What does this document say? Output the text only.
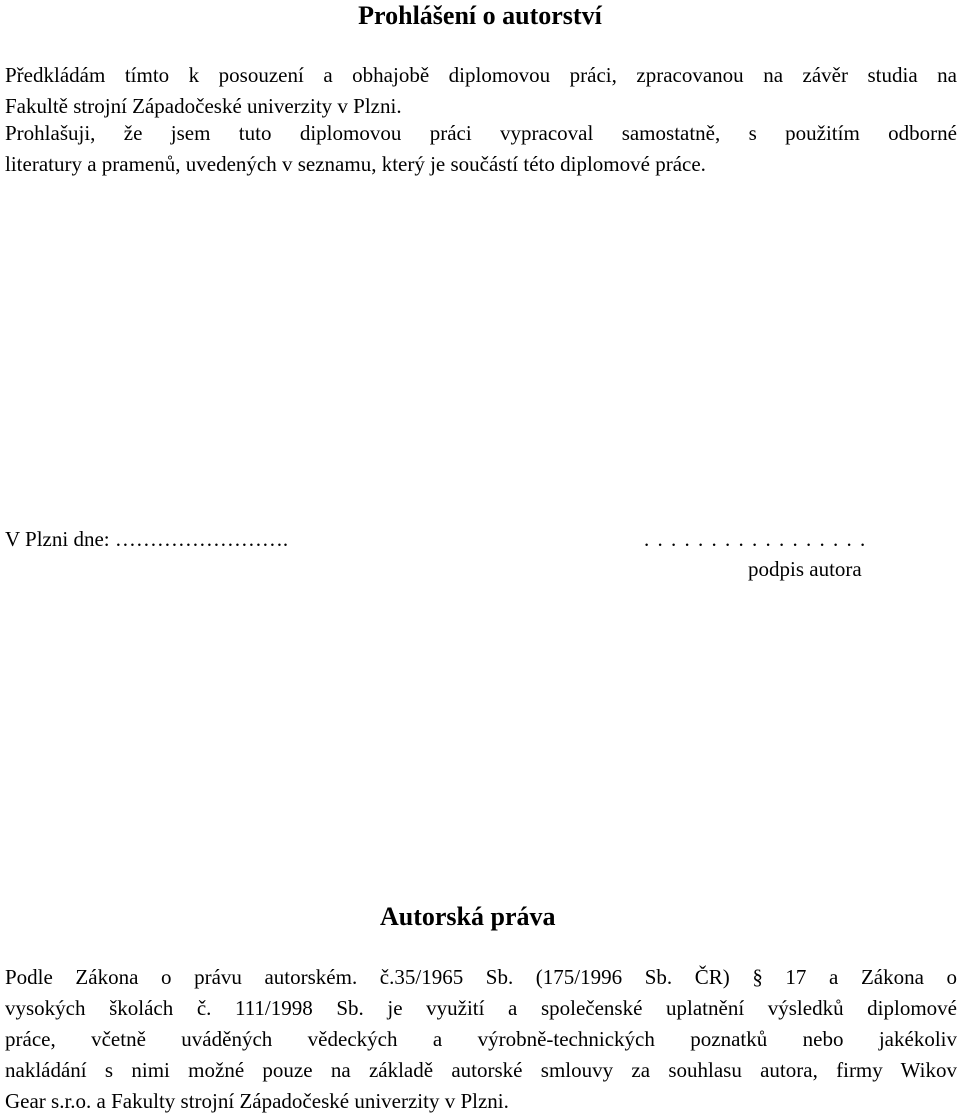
Prohlášení o autorství
Předkládám tímto k posouzení a obhajobě diplomovou práci, zpracovanou na závěr studia na
Fakultě strojní Západočeské univerzity v Plzni.
Prohlašuji, že jsem tuto diplomovou práci vypracoval samostatně, s použitím odborné
literatury a pramenů, uvedených v seznamu, který je součástí této diplomové práce.
V Plzni dne: …………………….	. . . . . . . . . . . . . . . . .
podpis autora
Autorská práva
Podle Zákona o právu autorském. č.35/1965 Sb. (175/1996 Sb. ČR) § 17 a Zákona o
vysokých školách č. 111/1998 Sb. je využití a společenské uplatnění výsledků diplomové
práce, včetně uváděných vědeckých a výrobně-technických poznatků nebo jakékoliv
nakládání s nimi možné pouze na základě autorské smlouvy za souhlasu autora, firmy Wikov
Gear s.r.o. a Fakulty strojní Západočeské univerzity v Plzni.
